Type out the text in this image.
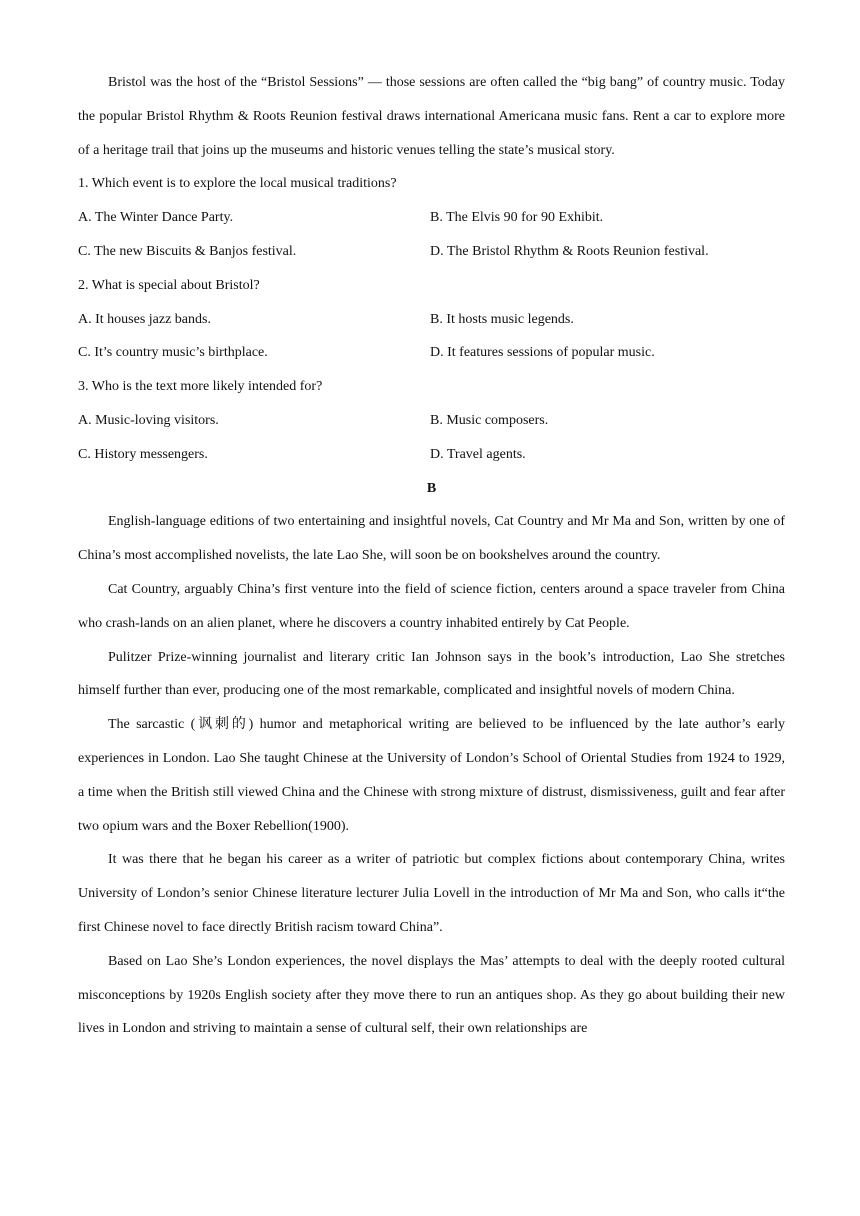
Bristol was the host of the “Bristol Sessions” — those sessions are often called the “big bang” of country music. Today the popular Bristol Rhythm & Roots Reunion festival draws international Americana music fans. Rent a car to explore more of a heritage trail that joins up the museums and historic venues telling the state’s musical story.

1. Which event is to explore the local musical traditions?

A. The Winter Dance Party.	B. The Elvis 90 for 90 Exhibit.
C. The new Biscuits & Banjos festival.	D. The Bristol Rhythm & Roots Reunion festival.

2. What is special about Bristol?

A. It houses jazz bands.	B. It hosts music legends.
C. It’s country music’s birthplace.	D. It features sessions of popular music.

3. Who is the text more likely intended for?

A. Music-loving visitors.	B. Music composers.
C. History messengers.	D. Travel agents.

B

English-language editions of two entertaining and insightful novels, Cat Country and Mr Ma and Son, written by one of China’s most accomplished novelists, the late Lao She, will soon be on bookshelves around the country.

Cat Country, arguably China’s first venture into the field of science fiction, centers around a space traveler from China who crash-lands on an alien planet, where he discovers a country inhabited entirely by Cat People.

Pulitzer Prize-winning journalist and literary critic Ian Johnson says in the book’s introduction, Lao She stretches himself further than ever, producing one of the most remarkable, complicated and insightful novels of modern China.

The sarcastic (讽刺的) humor and metaphorical writing are believed to be influenced by the late author’s early experiences in London. Lao She taught Chinese at the University of London’s School of Oriental Studies from 1924 to 1929, a time when the British still viewed China and the Chinese with strong mixture of distrust, dismissiveness, guilt and fear after two opium wars and the Boxer Rebellion(1900).

It was there that he began his career as a writer of patriotic but complex fictions about contemporary China, writes University of London’s senior Chinese literature lecturer Julia Lovell in the introduction of Mr Ma and Son, who calls it“the first Chinese novel to face directly British racism toward China”.

Based on Lao She’s London experiences, the novel displays the Mas’ attempts to deal with the deeply rooted cultural misconceptions by 1920s English society after they move there to run an antiques shop. As they go about building their new lives in London and striving to maintain a sense of cultural self, their own relationships are
